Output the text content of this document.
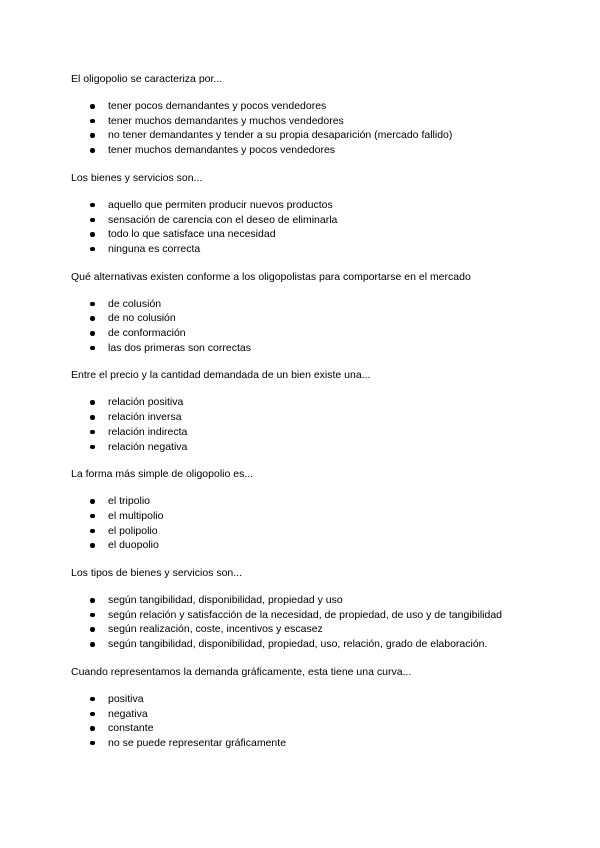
El oligopolio se caracteriza por...

tener pocos demandantes y pocos vendedores
tener muchos demandantes y muchos vendedores
no tener demandantes y tender a su propia desaparición (mercado fallido)
tener muchos demandantes y pocos vendedores

Los bienes y servicios son...

aquello que permiten producir nuevos productos
sensación de carencia con el deseo de eliminarla
todo lo que satisface una necesidad
ninguna es correcta

Qué alternativas existen conforme a los oligopolistas para comportarse en el mercado

de colusión
de no colusión
de conformación
las dos primeras son correctas

Entre el precio y la cantidad demandada de un bien existe una...

relación positiva
relación inversa
relación indirecta
relación negativa

La forma más simple de oligopolio es...

el tripolio
el multipolio
el polipolio
el duopolio

Los tipos de bienes y servicios son...

según tangibilidad, disponibilidad, propiedad y uso
según relación y satisfacción de la necesidad, de propiedad, de uso y de tangibilidad
según realización, coste, incentivos y escasez
según tangibilidad, disponibilidad, propiedad, uso, relación, grado de elaboración.

Cuando representamos la demanda gráficamente, esta tiene una curva...

positiva
negativa
constante
no se puede representar gráficamente
